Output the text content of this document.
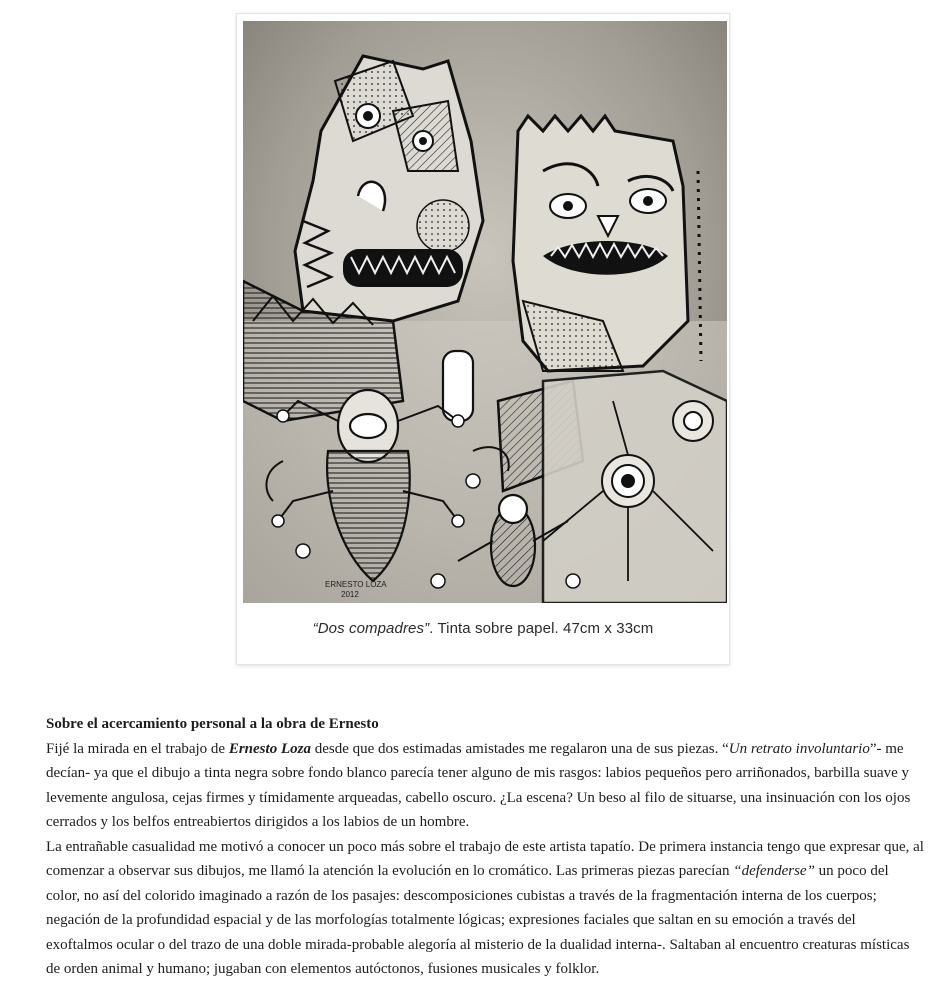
ERNESTO LOZA
2012
“Dos compadres”. Tinta sobre papel. 47cm x 33cm
Sobre el acercamiento personal a la obra de Ernesto

Fijé la mirada en el trabajo de Ernesto Loza desde que dos estimadas amistades me regalaron una de sus piezas. “Un retrato involuntario”- me decían- ya que el dibujo a tinta negra sobre fondo blanco parecía tener alguno de mis rasgos: labios pequeños pero arriñonados, barbilla suave y levemente angulosa, cejas firmes y tímidamente arqueadas, cabello oscuro. ¿La escena? Un beso al filo de situarse, una insinuación con los ojos cerrados y los belfos entreabiertos dirigidos a los labios de un hombre.

La entrañable casualidad me motivó a conocer un poco más sobre el trabajo de este artista tapatío. De primera instancia tengo que expresar que, al comenzar a observar sus dibujos, me llamó la atención la evolución en lo cromático. Las primeras piezas parecían “defenderse” un poco del color, no así del colorido imaginado a razón de los pasajes: descomposiciones cubistas a través de la fragmentación interna de los cuerpos; negación de la profundidad espacial y de las morfologías totalmente lógicas; expresiones faciales que saltan en su emoción a través del exoftalmos ocular o del trazo de una doble mirada-probable alegoría al misterio de la dualidad interna-. Saltaban al encuentro creaturas místicas de orden animal y humano; jugaban con elementos autóctonos, fusiones musicales y folklor.
